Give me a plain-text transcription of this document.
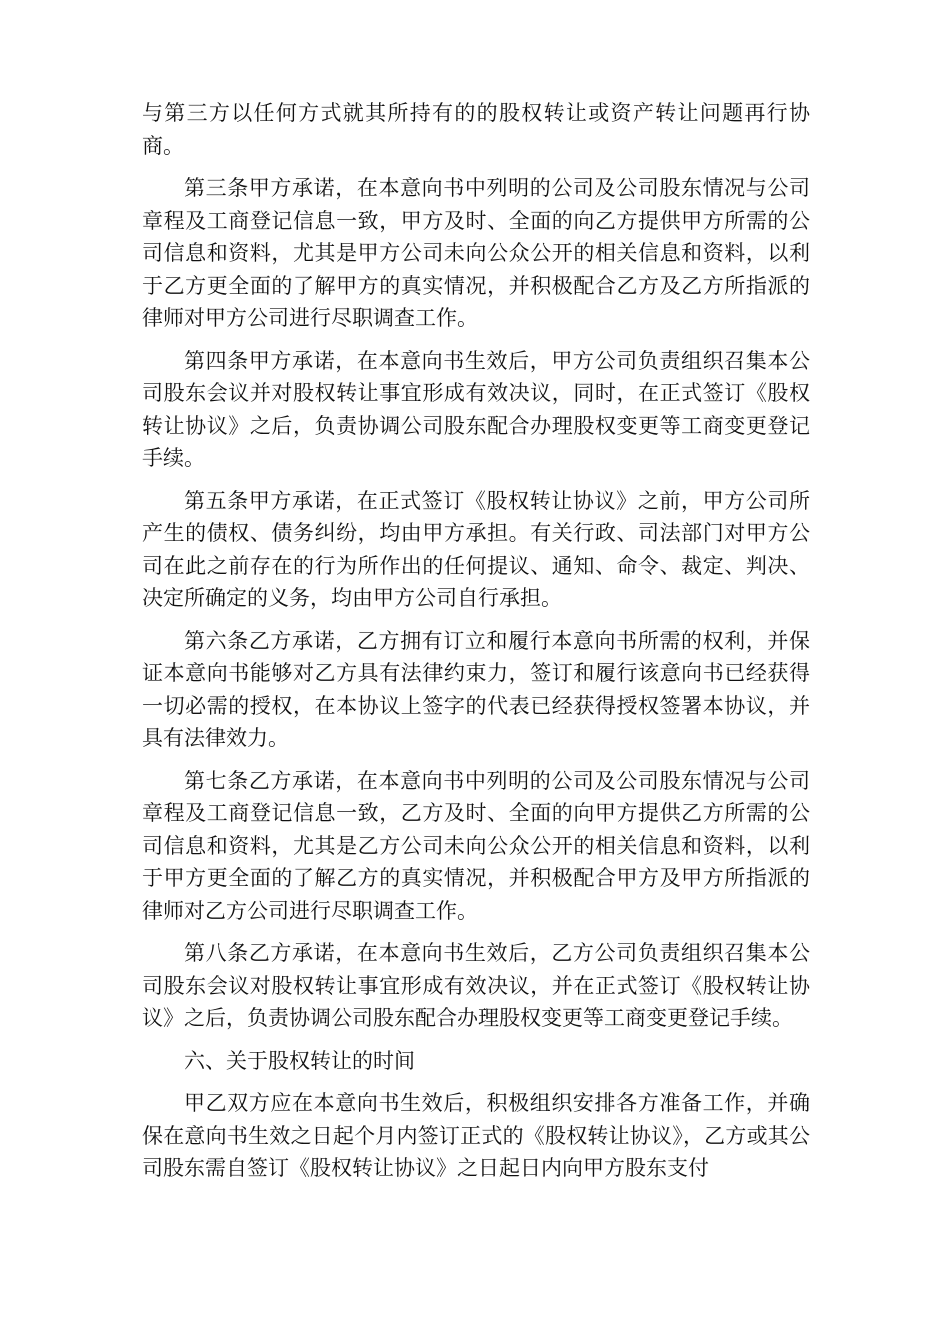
与第三方以任何方式就其所持有的的股权转让或资产转让问题再行协商。

第三条甲方承诺，在本意向书中列明的公司及公司股东情况与公司章程及工商登记信息一致，甲方及时、全面的向乙方提供甲方所需的公司信息和资料，尤其是甲方公司未向公众公开的相关信息和资料，以利于乙方更全面的了解甲方的真实情况，并积极配合乙方及乙方所指派的律师对甲方公司进行尽职调查工作。

第四条甲方承诺，在本意向书生效后，甲方公司负责组织召集本公司股东会议并对股权转让事宜形成有效决议，同时，在正式签订《股权转让协议》之后，负责协调公司股东配合办理股权变更等工商变更登记手续。

第五条甲方承诺，在正式签订《股权转让协议》之前，甲方公司所产生的债权、债务纠纷，均由甲方承担。有关行政、司法部门对甲方公司在此之前存在的行为所作出的任何提议、通知、命令、裁定、判决、决定所确定的义务，均由甲方公司自行承担。

第六条乙方承诺，乙方拥有订立和履行本意向书所需的权利，并保证本意向书能够对乙方具有法律约束力，签订和履行该意向书已经获得一切必需的授权，在本协议上签字的代表已经获得授权签署本协议，并具有法律效力。

第七条乙方承诺，在本意向书中列明的公司及公司股东情况与公司章程及工商登记信息一致，乙方及时、全面的向甲方提供乙方所需的公司信息和资料，尤其是乙方公司未向公众公开的相关信息和资料，以利于甲方更全面的了解乙方的真实情况，并积极配合甲方及甲方所指派的律师对乙方公司进行尽职调查工作。

第八条乙方承诺，在本意向书生效后，乙方公司负责组织召集本公司股东会议对股权转让事宜形成有效决议，并在正式签订《股权转让协议》之后，负责协调公司股东配合办理股权变更等工商变更登记手续。

六、关于股权转让的时间

甲乙双方应在本意向书生效后，积极组织安排各方准备工作，并确保在意向书生效之日起个月内签订正式的《股权转让协议》，乙方或其公司股东需自签订《股权转让协议》之日起日内向甲方股东支付
